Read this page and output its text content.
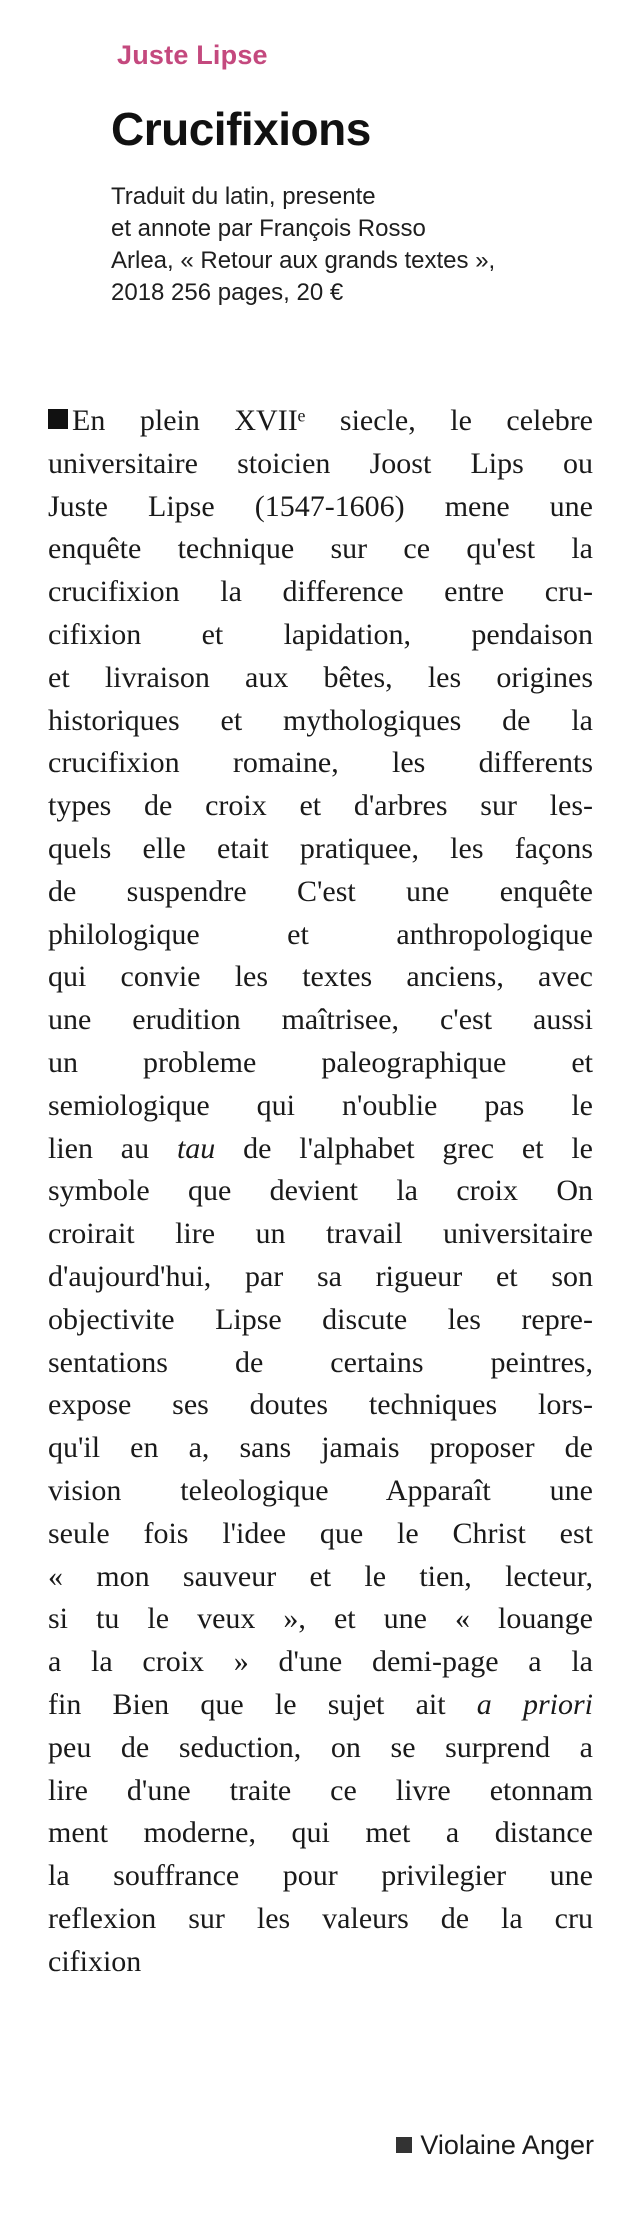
Juste Lipse
Crucifixions
Traduit du latin, presente
et annote par François Rosso
Arlea, « Retour aux grands textes »,
2018 256 pages, 20 €
En plein XVIIᵉ siecle, le celebre
universitaire stoicien Joost Lips ou
Juste Lipse (1547-1606) mene une
enquête technique sur ce qu'est la
crucifixion la difference entre cru-
cifixion et lapidation, pendaison
et livraison aux bêtes, les origines
historiques et mythologiques de la
crucifixion romaine, les differents
types de croix et d'arbres sur les-
quels elle etait pratiquee, les façons
de suspendre C'est une enquête
philologique et anthropologique
qui convie les textes anciens, avec
une erudition maîtrisee, c'est aussi
un probleme paleographique et
semiologique qui n'oublie pas le
lien au tau de l'alphabet grec et le
symbole que devient la croix On
croirait lire un travail universitaire
d'aujourd'hui, par sa rigueur et son
objectivite Lipse discute les repre-
sentations de certains peintres,
expose ses doutes techniques lors-
qu'il en a, sans jamais proposer de
vision teleologique Apparaît une
seule fois l'idee que le Christ est
« mon sauveur et le tien, lecteur,
si tu le veux », et une « louange
a la croix » d'une demi-page a la
fin Bien que le sujet ait a priori
peu de seduction, on se surprend a
lire d'une traite ce livre etonnam
ment moderne, qui met a distance
la souffrance pour privilegier une
reflexion sur les valeurs de la cru
cifixion
Violaine Anger
